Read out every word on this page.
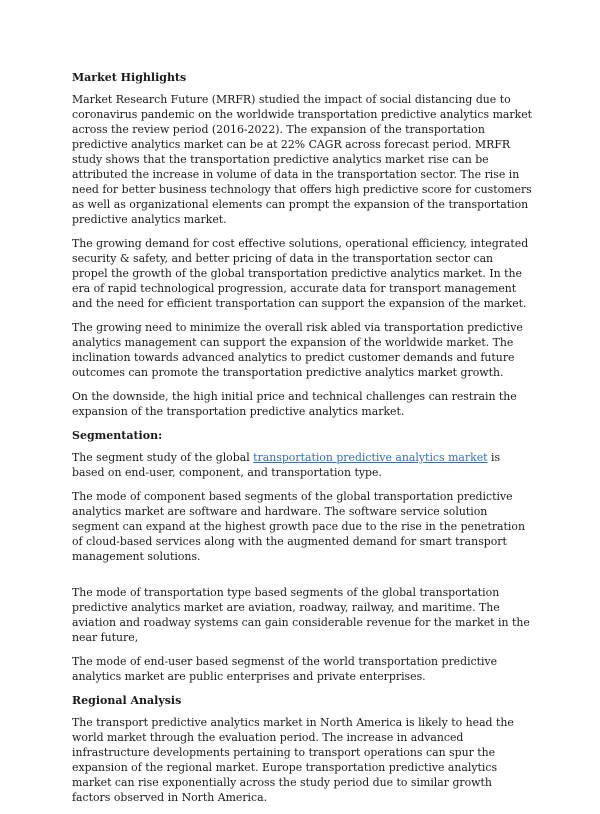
Market Highlights

Market Research Future (MRFR) studied the impact of social distancing due to coronavirus pandemic on the worldwide transportation predictive analytics market across the review period (2016-2022). The expansion of the transportation predictive analytics market can be at 22% CAGR across forecast period. MRFR study shows that the transportation predictive analytics market rise can be attributed the increase in volume of data in the transportation sector. The rise in need for better business technology that offers high predictive score for customers as well as organizational elements can prompt the expansion of the transportation predictive analytics market.

The growing demand for cost effective solutions, operational efficiency, integrated security & safety, and better pricing of data in the transportation sector can propel the growth of the global transportation predictive analytics market. In the era of rapid technological progression, accurate data for transport management and the need for efficient transportation can support the expansion of the market.

The growing need to minimize the overall risk abled via transportation predictive analytics management can support the expansion of the worldwide market. The inclination towards advanced analytics to predict customer demands and future outcomes can promote the transportation predictive analytics market growth.

On the downside, the high initial price and technical challenges can restrain the expansion of the transportation predictive analytics market.

Segmentation:

The segment study of the global transportation predictive analytics market is based on end-user, component, and transportation type.

The mode of component based segments of the global transportation predictive analytics market are software and hardware. The software service solution segment can expand at the highest growth pace due to the rise in the penetration of cloud-based services along with the augmented demand for smart transport management solutions.

The mode of transportation type based segments of the global transportation predictive analytics market are aviation, roadway, railway, and maritime. The aviation and roadway systems can gain considerable revenue for the market in the near future,

The mode of end-user based segmenst of the world transportation predictive analytics market are public enterprises and private enterprises.

Regional Analysis

The transport predictive analytics market in North America is likely to head the world market through the evaluation period. The increase in advanced infrastructure developments pertaining to transport operations can spur the expansion of the regional market. Europe transportation predictive analytics market can rise exponentially across the study period due to similar growth factors observed in North America.
